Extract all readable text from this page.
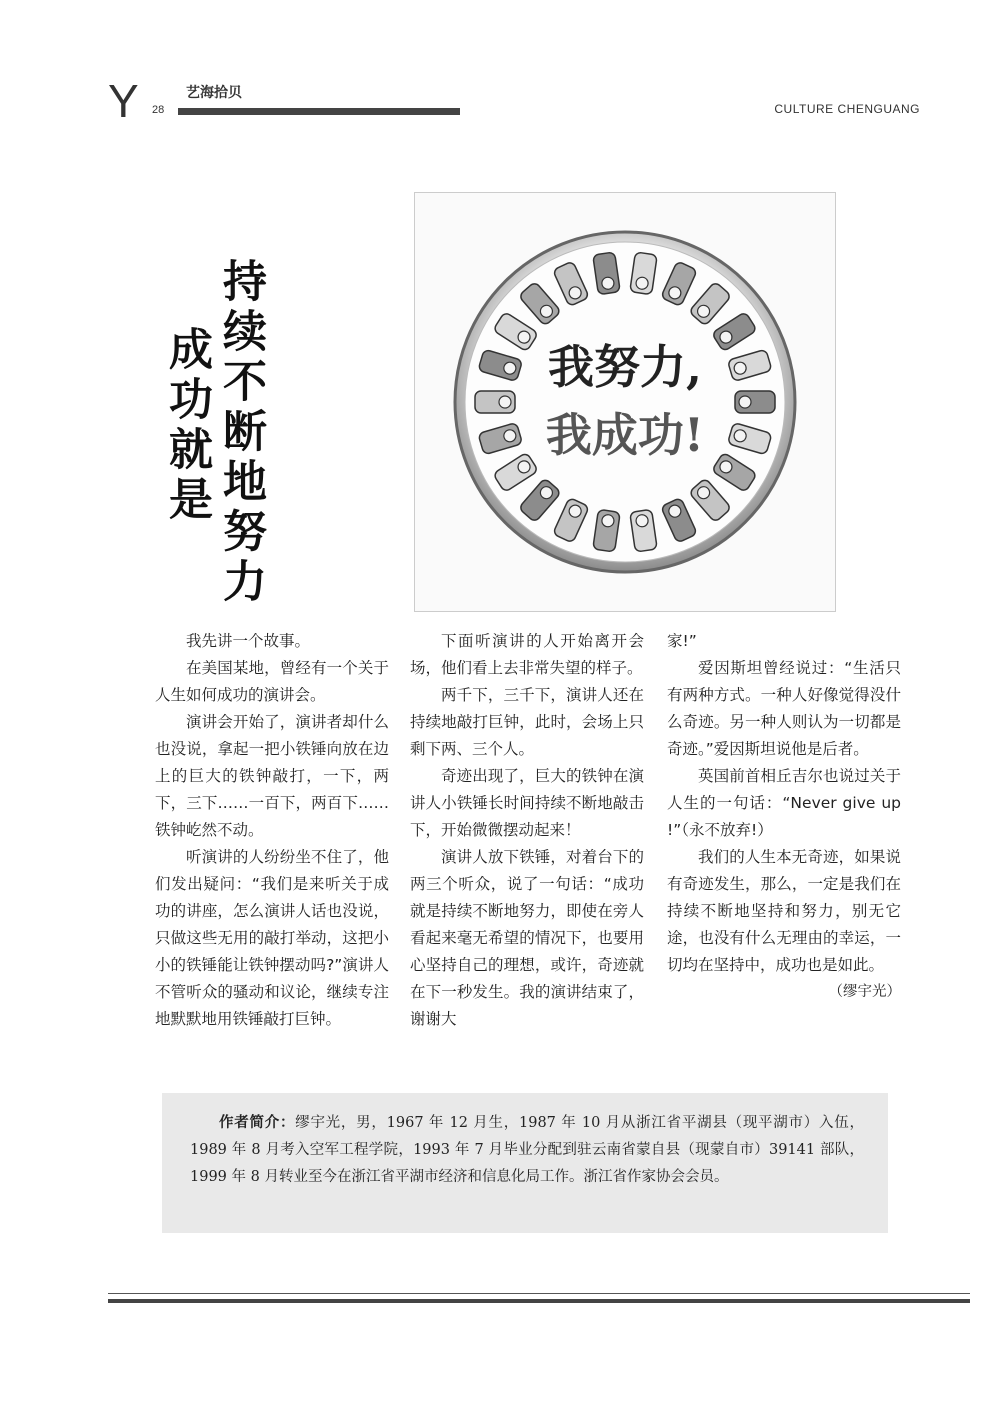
Y 28
艺海拾贝
CULTURE CHENGUANG
持续不断地努力
成功就是	我努力,
我成功!

我先讲一个故事。

在美国某地，曾经有一个关于人生如何成功的演讲会。

演讲会开始了，演讲者却什么也没说，拿起一把小铁锤向放在边上的巨大的铁钟敲打，一下，两下，三下……一百下，两百下……铁钟屹然不动。

听演讲的人纷纷坐不住了，他们发出疑问：“我们是来听关于成功的讲座，怎么演讲人话也没说，只做这些无用的敲打举动，这把小小的铁锤能让铁钟摆动吗?”演讲人不管听众的骚动和议论，继续专注地默默地用铁锤敲打巨钟。

下面听演讲的人开始离开会场，他们看上去非常失望的样子。

两千下，三千下，演讲人还在持续地敲打巨钟，此时，会场上只剩下两、三个人。

奇迹出现了，巨大的铁钟在演讲人小铁锤长时间持续不断地敲击下，开始微微摆动起来！

演讲人放下铁锤，对着台下的两三个听众，说了一句话：“成功就是持续不断地努力，即使在旁人看起来毫无希望的情况下，也要用心坚持自己的理想，或许，奇迹就在下一秒发生。我的演讲结束了，谢谢大

家!”

爱因斯坦曾经说过：“生活只有两种方式。一种人好像觉得没什么奇迹。另一种人则认为一切都是奇迹。”爱因斯坦说他是后者。

英国前首相丘吉尔也说过关于人生的一句话：“Never give up !”（永不放弃!）

我们的人生本无奇迹，如果说有奇迹发生，那么，一定是我们在持续不断地坚持和努力，别无它途，也没有什么无理由的幸运，一切均在坚持中，成功也是如此。

（缪宇光）

作者简介：缪宇光，男，1967 年 12 月生，1987 年 10 月从浙江省平湖县（现平湖市）入伍，1989 年 8 月考入空军工程学院，1993 年 7 月毕业分配到驻云南省蒙自县（现蒙自市）39141 部队，1999 年 8 月转业至今在浙江省平湖市经济和信息化局工作。浙江省作家协会会员。
